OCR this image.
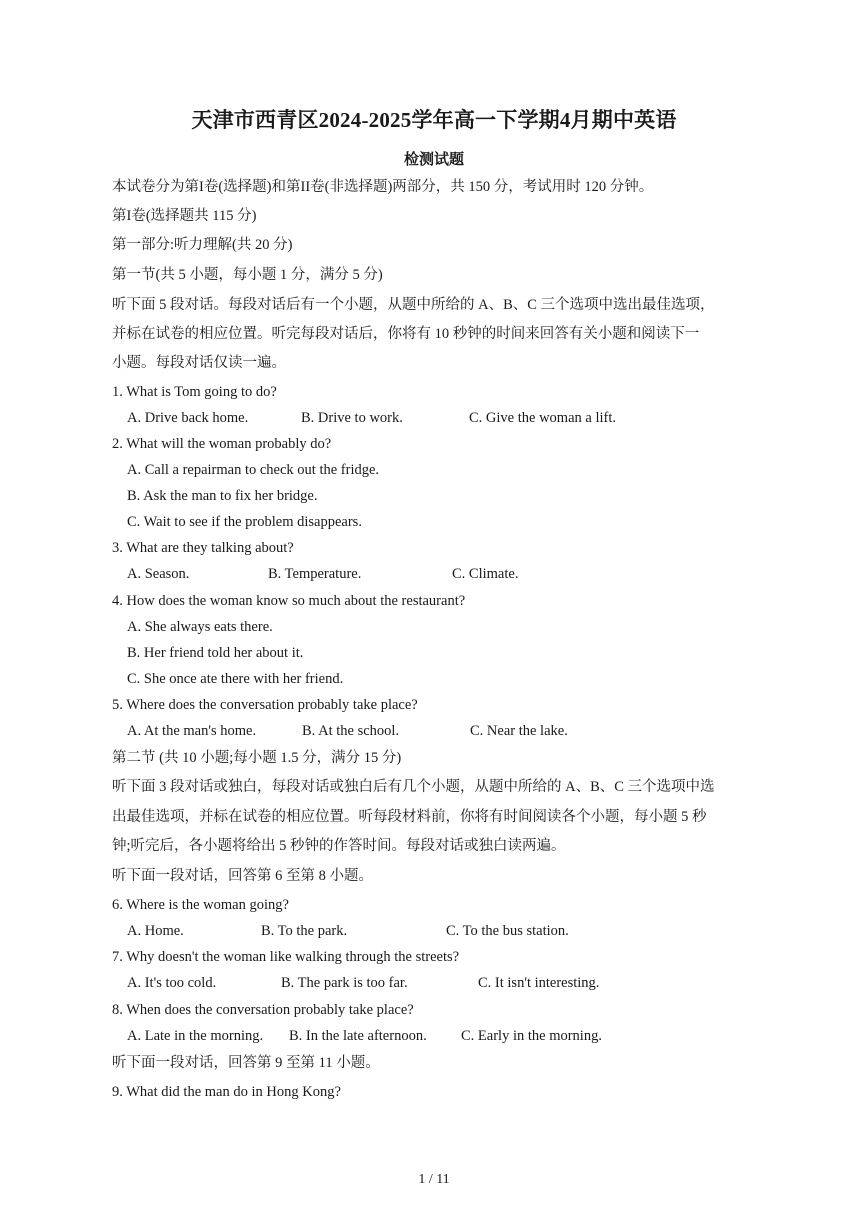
天津市西青区2024-2025学年高一下学期4月期中英语
检测试题
本试卷分为第I卷(选择题)和第II卷(非选择题)两部分，共 150 分，考试用时 120 分钟。
第I卷(选择题共 115 分)
第一部分:听力理解(共 20 分)
第一节(共 5 小题，每小题 1 分，满分 5 分)
听下面 5 段对话。每段对话后有一个小题，从题中所给的 A、B、C 三个选项中选出最佳选项，
并标在试卷的相应位置。听完每段对话后，你将有 10 秒钟的时间来回答有关小题和阅读下一
小题。每段对话仅读一遍。
1. What is Tom going to do?
A. Drive back home.	B. Drive to work.	C. Give the woman a lift.
2. What will the woman probably do?
A. Call a repairman to check out the fridge.
B. Ask the man to fix her bridge.
C. Wait to see if the problem disappears.
3. What are they talking about?
A. Season.	B. Temperature.	C. Climate.
4. How does the woman know so much about the restaurant?
A. She always eats there.
B. Her friend told her about it.
C. She once ate there with her friend.
5. Where does the conversation probably take place?
A. At the man's home.	B. At the school.	C. Near the lake.
第二节 (共 10 小题;每小题 1.5 分，满分 15 分)
听下面 3 段对话或独白，每段对话或独白后有几个小题，从题中所给的 A、B、C 三个选项中选
出最佳选项，并标在试卷的相应位置。听每段材料前，你将有时间阅读各个小题，每小题 5 秒
钟;听完后，各小题将给出 5 秒钟的作答时间。每段对话或独白读两遍。
听下面一段对话，回答第 6 至第 8 小题。
6. Where is the woman going?
A. Home.	B. To the park.	C. To the bus station.
7. Why doesn't the woman like walking through the streets?
A. It's too cold.	B. The park is too far.	C. It isn't interesting.
8. When does the conversation probably take place?
A. Late in the morning. B. In the late afternoon. C. Early in the morning.
听下面一段对话，回答第 9 至第 11 小题。
9. What did the man do in Hong Kong?
1 / 11
